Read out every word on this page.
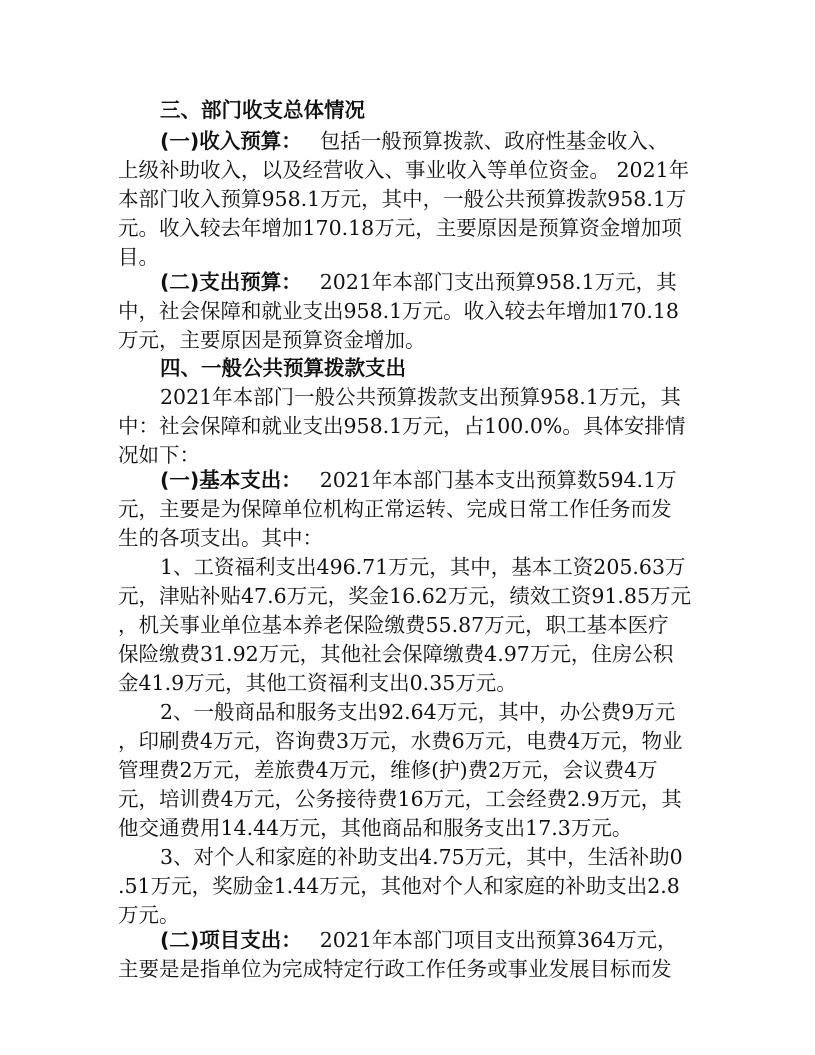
三、部门收支总体情况
(一)收入预算： 包括一般预算拨款、政府性基金收入、
上级补助收入，以及经营收入、事业收入等单位资金。 2021年
本部门收入预算958.1万元，其中，一般公共预算拨款958.1万
元。收入较去年增加170.18万元，主要原因是预算资金增加项
目。
(二)支出预算： 2021年本部门支出预算958.1万元，其
中，社会保障和就业支出958.1万元。收入较去年增加170.18
万元，主要原因是预算资金增加。
四、一般公共预算拨款支出
2021年本部门一般公共预算拨款支出预算958.1万元，其
中：社会保障和就业支出958.1万元，占100.0%。具体安排情
况如下：
(一)基本支出： 2021年本部门基本支出预算数594.1万
元，主要是为保障单位机构正常运转、完成日常工作任务而发
生的各项支出。其中：
1、工资福利支出496.71万元，其中，基本工资205.63万
元，津贴补贴47.6万元，奖金16.62万元，绩效工资91.85万元
，机关事业单位基本养老保险缴费55.87万元，职工基本医疗
保险缴费31.92万元，其他社会保障缴费4.97万元，住房公积
金41.9万元，其他工资福利支出0.35万元。
2、一般商品和服务支出92.64万元，其中，办公费9万元
，印刷费4万元，咨询费3万元，水费6万元，电费4万元，物业
管理费2万元，差旅费4万元，维修(护)费2万元，会议费4万
元，培训费4万元，公务接待费16万元，工会经费2.9万元，其
他交通费用14.44万元，其他商品和服务支出17.3万元。
3、对个人和家庭的补助支出4.75万元，其中，生活补助0
.51万元，奖励金1.44万元，其他对个人和家庭的补助支出2.8
万元。
(二)项目支出： 2021年本部门项目支出预算364万元，
主要是是指单位为完成特定行政工作任务或事业发展目标而发
